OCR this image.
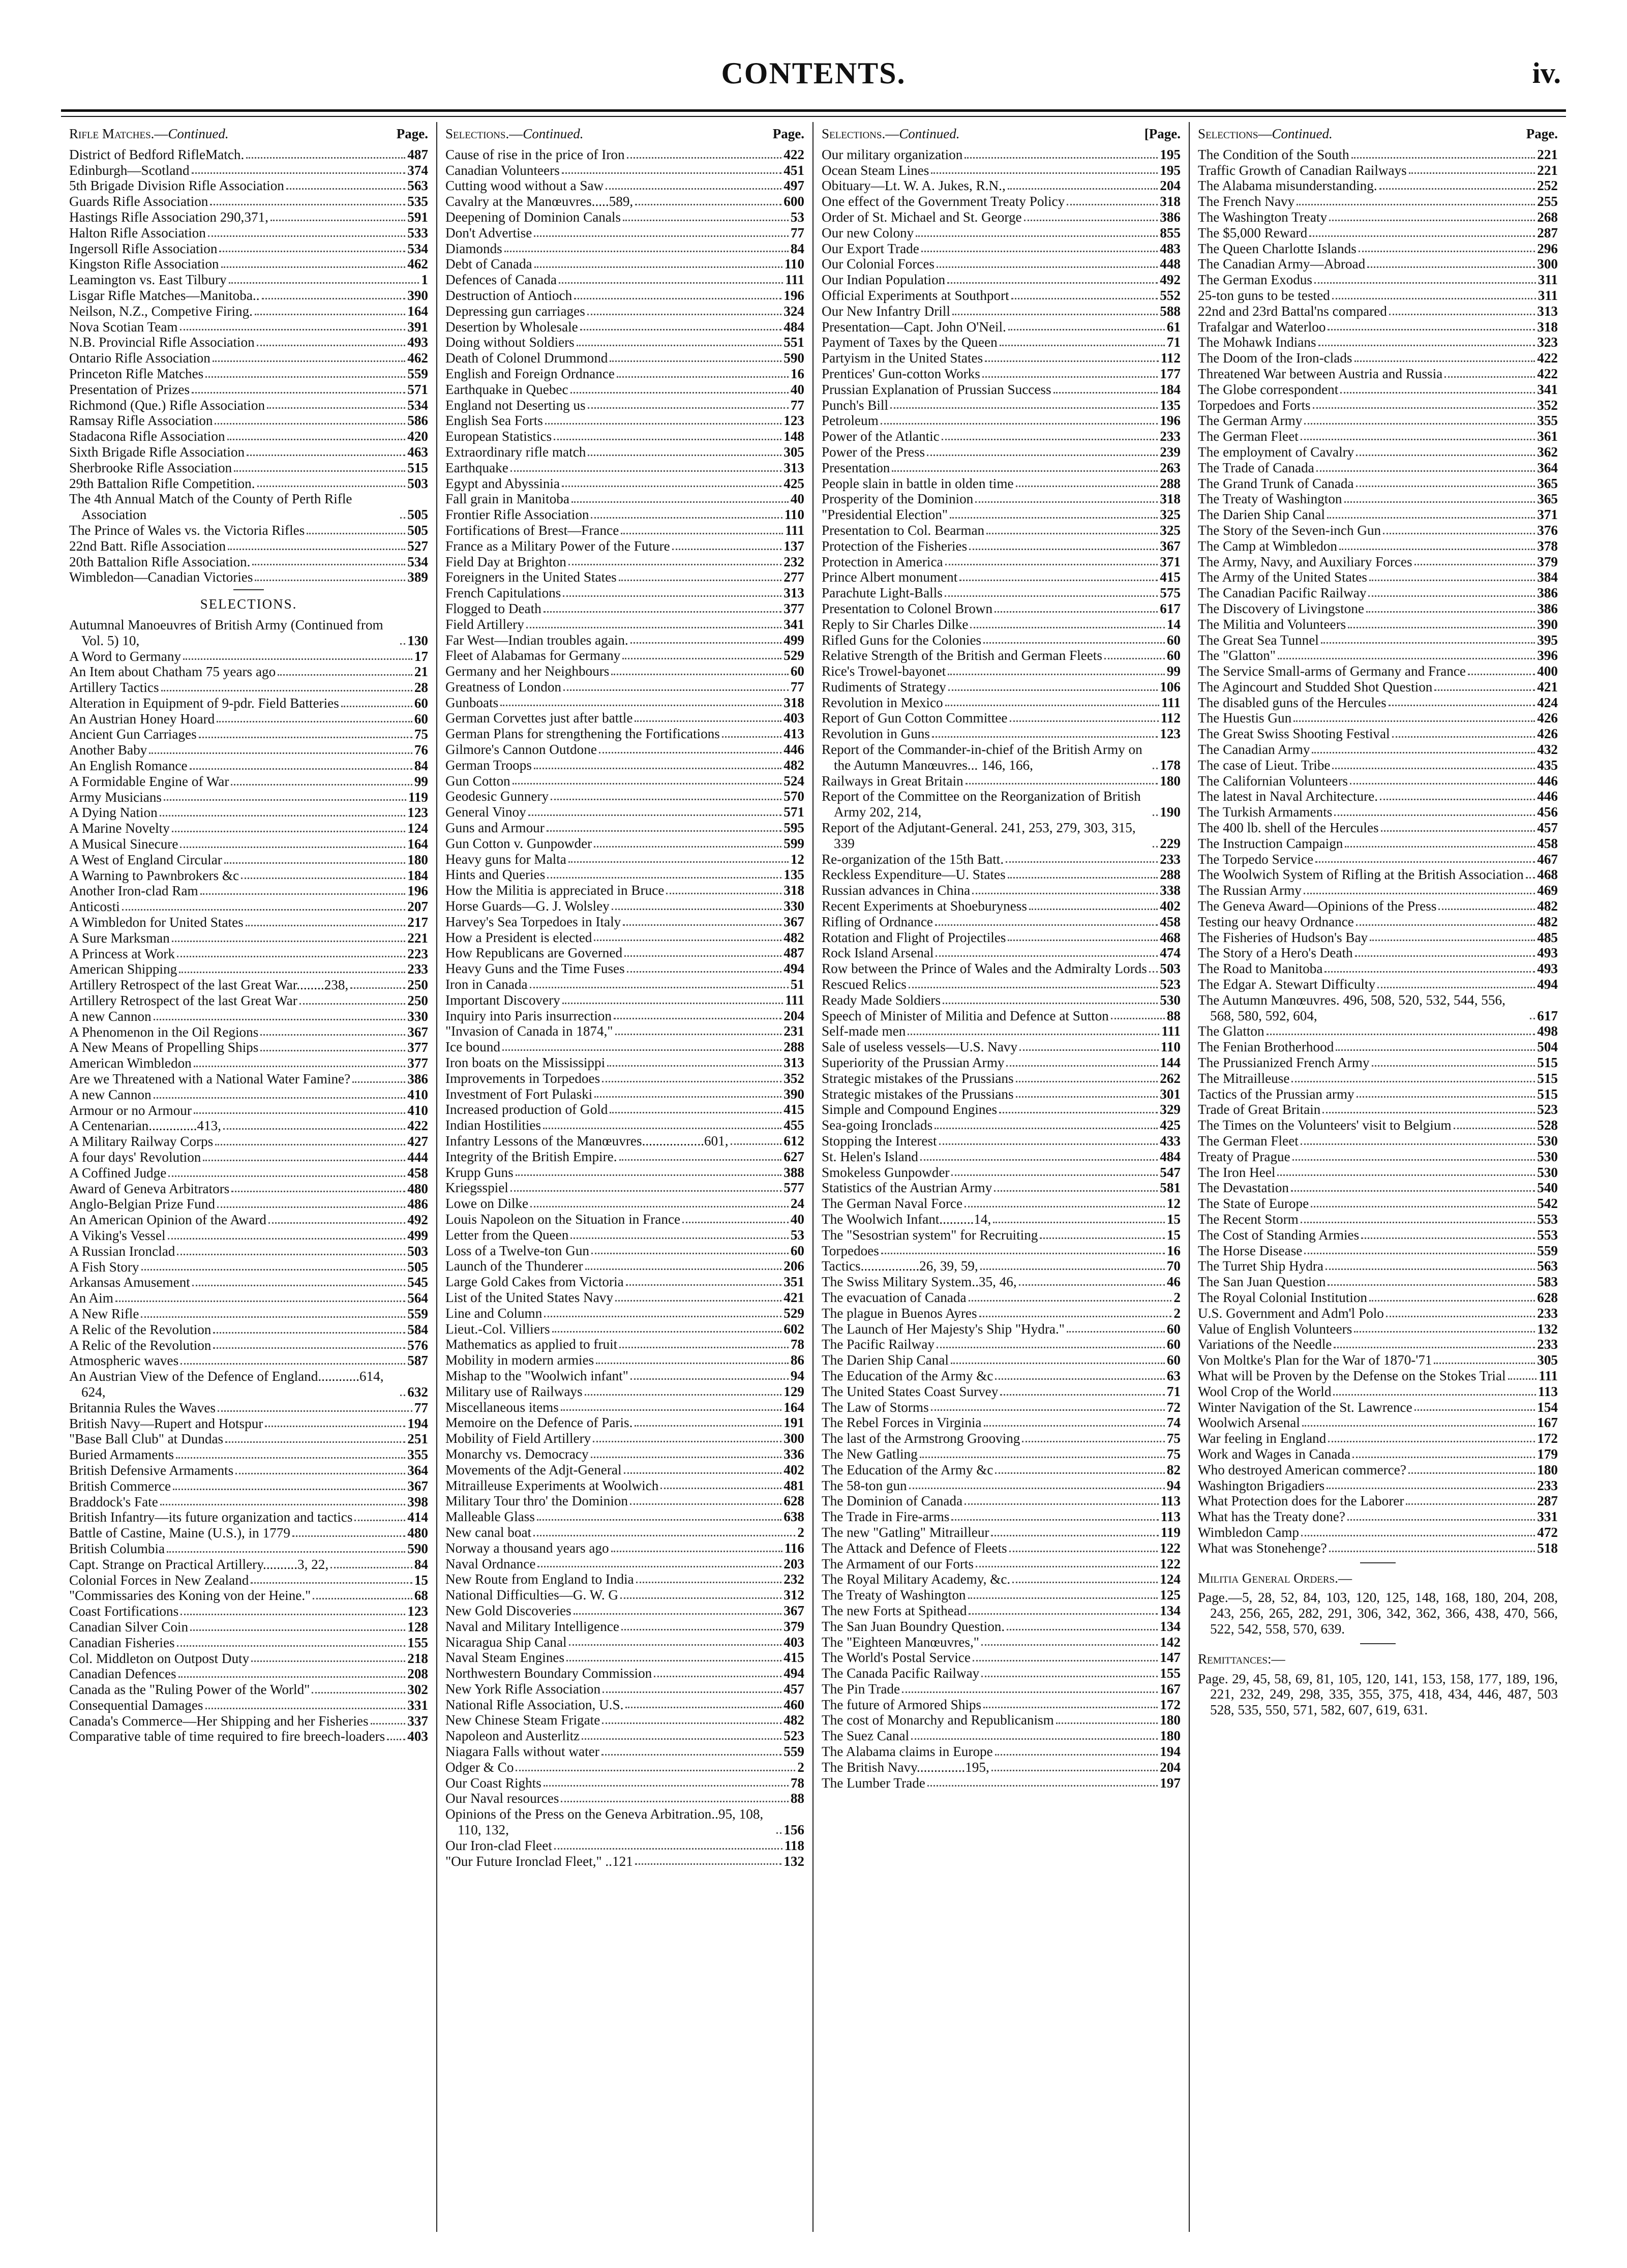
CONTENTS.	iv.
Rifle Matches.—Continued.	Page.
District of Bedford RifleMatch.	487
Edinburgh—Scotland	374
5th Brigade Division Rifle Association	563
Guards Rifle Association	535
Hastings Rifle Association 290,371,	591
Halton Rifle Association	533
Ingersoll Rifle Association	534
Kingston Rifle Association	462
Leamington vs. East Tilbury	1
Lisgar Rifle Matches—Manitoba..	390
Neilson, N.Z., Competive Firing.	164
Nova Scotian Team	391
N.B. Provincial Rifle Association	493
Ontario Rifle Association	462
Princeton Rifle Matches	559
Presentation of Prizes	571
Richmond (Que.) Rifle Association	534
Ramsay Rifle Association	586
Stadacona Rifle Association	420
Sixth Brigade Rifle Association	463
Sherbrooke Rifle Association	515
29th Battalion Rifle Competition.	503
The 4th Annual Match of the County of Perth Rifle Association	505
The Prince of Wales vs. the Victoria Rifles	505
22nd Batt. Rifle Association	527
20th Battalion Rifle Association.	534
Wimbledon—Canadian Victories	389
SELECTIONS.
Autumnal Manoeuvres of British Army (Continued from Vol. 5) 10,	130
A Word to Germany	17
An Item about Chatham 75 years ago	21
Artillery Tactics	28
Alteration in Equipment of 9-pdr. Field Batteries	60
An Austrian Honey Hoard	60
Ancient Gun Carriages	75
Another Baby	76
An English Romance	84
A Formidable Engine of War	99
Army Musicians	119
A Dying Nation	123
A Marine Novelty	124
A Musical Sinecure	164
A West of England Circular	180
A Warning to Pawnbrokers &c	184
Another Iron-clad Ram	196
Anticosti	207
A Wimbledon for United States	217
A Sure Marksman	221
A Princess at Work	223
American Shipping	233
Artillery Retrospect of the last Great War........238,	250
Artillery Retrospect of the last Great War	250
A new Cannon	330
A Phenomenon in the Oil Regions	367
A New Means of Propelling Ships	377
American Wimbledon	377
Are we Threatened with a National Water Famine?	386
A new Cannon	410
Armour or no Armour	410
A Centenarian..............413,	422
A Military Railway Corps	427
A four days' Revolution	444
A Coffined Judge	458
Award of Geneva Arbitrators	480
Anglo-Belgian Prize Fund	486
An American Opinion of the Award	492
A Viking's Vessel	499
A Russian Ironclad	503
A Fish Story	505
Arkansas Amusement	545
An Aim	564
A New Rifle	559
A Relic of the Revolution	584
A Relic of the Revolution	576
Atmospheric waves	587
An Austrian View of the Defence of England............614, 624,	632
Britannia Rules the Waves	77
British Navy—Rupert and Hotspur	194
"Base Ball Club" at Dundas	251
Buried Armaments	355
British Defensive Armaments	364
British Commerce	367
Braddock's Fate	398
British Infantry—its future organization and tactics	414
Battle of Castine, Maine (U.S.), in 1779	480
British Columbia	590
Capt. Strange on Practical Artillery..........3, 22,	84
Colonial Forces in New Zealand	15
"Commissaries des Koning von der Heine."	68
Coast Fortifications	123
Canadian Silver Coin	128
Canadian Fisheries	155
Col. Middleton on Outpost Duty	218
Canadian Defences	208
Canada as the "Ruling Power of the World"	302
Consequential Damages	331
Canada's Commerce—Her Shipping and her Fisheries	337
Comparative table of time required to fire breech-loaders 403
Selections.—Continued.	Page.
Cause of rise in the price of Iron	422
Canadian Volunteers	451
Cutting wood without a Saw	497
Cavalry at the Manœuvres.....589,	600
Deepening of Dominion Canals	53
Don't Advertise	77
Diamonds	84
Debt of Canada	110
Defences of Canada	111
Destruction of Antioch	196
Depressing gun carriages	324
Desertion by Wholesale	484
Doing without Soldiers	551
Death of Colonel Drummond	590
English and Foreign Ordnance	16
Earthquake in Quebec	40
England not Deserting us	77
English Sea Forts	123
European Statistics	148
Extraordinary rifle match	305
Earthquake	313
Egypt and Abyssinia	425
Fall grain in Manitoba	40
Frontier Rifle Association	110
Fortifications of Brest—France	111
France as a Military Power of the Future	137
Field Day at Brighton	232
Foreigners in the United States	277
French Capitulations	313
Flogged to Death	377
Field Artillery	341
Far West—Indian troubles again.	499
Fleet of Alabamas for Germany	529
Germany and her Neighbours	60
Greatness of London	77
Gunboats	318
German Corvettes just after battle	403
German Plans for strengthening the Fortifications	413
Gilmore's Cannon Outdone	446
German Troops	482
Gun Cotton	524
Geodesic Gunnery	570
General Vinoy	571
Guns and Armour	595
Gun Cotton v. Gunpowder	599
Heavy guns for Malta	12
Hints and Queries	135
How the Militia is appreciated in Bruce	318
Horse Guards—G. J. Wolsley	330
Harvey's Sea Torpedoes in Italy	367
How a President is elected	482
How Republicans are Governed	487
Heavy Guns and the Time Fuses	494
Iron in Canada	51
Important Discovery	111
Inquiry into Paris insurrection	204
"Invasion of Canada in 1874,"	231
Ice bound	288
Iron boats on the Mississippi	313
Improvements in Torpedoes	352
Investment of Fort Pulaski	390
Increased production of Gold	415
Indian Hostilities	455
Infantry Lessons of the Manœuvres..................601,	612
Integrity of the British Empire.	627
Krupp Guns	388
Kriegsspiel	577
Lowe on Dilke	24
Louis Napoleon on the Situation in France	40
Letter from the Queen	53
Loss of a Twelve-ton Gun	60
Launch of the Thunderer	206
Large Gold Cakes from Victoria	351
List of the United States Navy	421
Line and Column	529
Lieut.-Col. Villiers	602
Mathematics as applied to fruit	78
Mobility in modern armies	86
Mishap to the "Woolwich infant"	94
Military use of Railways	129
Miscellaneous items	164
Memoire on the Defence of Paris.	191
Mobility of Field Artillery	300
Monarchy vs. Democracy	336
Movements of the Adjt-General	402
Mitrailleuse Experiments at Woolwich	481
Military Tour thro' the Dominion	628
Malleable Glass	638
New canal boat	2
Norway a thousand years ago	116
Naval Ordnance	203
New Route from England to India	232
National Difficulties—G. W. G	312
New Gold Discoveries	367
Naval and Military Intelligence	379
Nicaragua Ship Canal	403
Naval Steam Engines	415
Northwestern Boundary Commission	494
New York Rifle Association	457
National Rifle Association, U.S.	460
New Chinese Steam Frigate	482
Napoleon and Austerlitz	523
Niagara Falls without water	559
Odger & Co	2
Our Coast Rights	78
Our Naval resources	88
Opinions of the Press on the Geneva Arbitration..95, 108, 110, 132,	156
Our Iron-clad Fleet	118
"Our Future Ironclad Fleet," ..121	132
Selections.—Continued.	[Page.
Our military organization	195
Ocean Steam Lines	195
Obituary—Lt. W. A. Jukes, R.N.,	204
One effect of the Government Treaty Policy	318
Order of St. Michael and St. George	386
Our new Colony	855
Our Export Trade	483
Our Colonial Forces	448
Our Indian Population	492
Official Experiments at Southport	552
Our New Infantry Drill	588
Presentation—Capt. John O'Neil.	61
Payment of Taxes by the Queen	71
Partyism in the United States	112
Prentices' Gun-cotton Works	177
Prussian Explanation of Prussian Success	184
Punch's Bill	135
Petroleum	196
Power of the Atlantic	233
Power of the Press	239
Presentation	263
People slain in battle in olden time	288
Prosperity of the Dominion	318
"Presidential Election"	325
Presentation to Col. Bearman	325
Protection of the Fisheries	367
Protection in America	371
Prince Albert monument	415
Parachute Light-Balls	575
Presentation to Colonel Brown	617
Reply to Sir Charles Dilke	14
Rifled Guns for the Colonies	60
Relative Strength of the British and German Fleets	60
Rice's Trowel-bayonet	99
Rudiments of Strategy	106
Revolution in Mexico	111
Report of Gun Cotton Committee	112
Revolution in Guns	123
Report of the Commander-in-chief of the British Army on the Autumn Manœuvres... 146, 166,	178
Railways in Great Britain	180
Report of the Committee on the Reorganization of British Army 202, 214,	190
Report of the Adjutant-General. 241, 253, 279, 303, 315, 339	229
Re-organization of the 15th Batt.	233
Reckless Expenditure—U. States	288
Russian advances in China	338
Recent Experiments at Shoeburyness	402
Rifling of Ordnance	458
Rotation and Flight of Projectiles	468
Rock Island Arsenal	474
Row between the Prince of Wales and the Admiralty Lords 503
Rescued Relics	523
Ready Made Soldiers	530
Speech of Minister of Militia and Defence at Sutton	88
Self-made men	111
Sale of useless vessels—U.S. Navy	110
Superiority of the Prussian Army	144
Strategic mistakes of the Prussians	262
Strategic mistakes of the Prussians	301
Simple and Compound Engines	329
Sea-going Ironclads	425
Stopping the Interest	433
St. Helen's Island	484
Smokeless Gunpowder	547
Statistics of the Austrian Army	581
The German Naval Force	12
The Woolwich Infant..........14,	15
The "Sesostrian system" for Recruiting	15
Torpedoes	16
Tactics.................26, 39, 59,	70
The Swiss Military System..35, 46,	46
The evacuation of Canada	2
The plague in Buenos Ayres	2
The Launch of Her Majesty's Ship "Hydra."	60
The Pacific Railway	60
The Darien Ship Canal	60
The Education of the Army &c	63
The United States Coast Survey	71
The Law of Storms	72
The Rebel Forces in Virginia	74
The last of the Armstrong Grooving	75
The New Gatling	75
The Education of the Army &c	82
The 58-ton gun	94
The Dominion of Canada	113
The Trade in Fire-arms	113
The new "Gatling" Mitrailleur	119
The Attack and Defence of Fleets	122
The Armament of our Forts	122
The Royal Military Academy, &c.	124
The Treaty of Washington	125
The new Forts at Spithead	134
The San Juan Boundry Question.	134
The "Eighteen Manœuvres,"	142
The World's Postal Service	147
The Canada Pacific Railway	155
The Pin Trade	167
The future of Armored Ships	172
The cost of Monarchy and Republicanism	180
The Suez Canal	180
The Alabama claims in Europe	194
The British Navy..............195,	204
The Lumber Trade	197
Selections—Continued.	Page.
The Condition of the South	221
Traffic Growth of Canadian Railways	221
The Alabama misunderstanding.	252
The French Navy	255
The Washington Treaty	268
The $5,000 Reward	287
The Queen Charlotte Islands	296
The Canadian Army—Abroad	300
The German Exodus	311
25-ton guns to be tested	311
22nd and 23rd Battal'ns compared	313
Trafalgar and Waterloo	318
The Mohawk Indians	323
The Doom of the Iron-clads	422
Threatened War between Austria and Russia	422
The Globe correspondent	341
Torpedoes and Forts	352
The German Army	355
The German Fleet	361
The employment of Cavalry	362
The Trade of Canada	364
The Grand Trunk of Canada	365
The Treaty of Washington	365
The Darien Ship Canal	371
The Story of the Seven-inch Gun	376
The Camp at Wimbledon	378
The Army, Navy, and Auxiliary Forces	379
The Army of the United States	384
The Canadian Pacific Railway	386
The Discovery of Livingstone	386
The Militia and Volunteers	390
The Great Sea Tunnel	395
The "Glatton"	396
The Service Small-arms of Germany and France	400
The Agincourt and Studded Shot Question	421
The disabled guns of the Hercules	424
The Huestis Gun	426
The Great Swiss Shooting Festival	426
The Canadian Army	432
The case of Lieut. Tribe	435
The Californian Volunteers	446
The latest in Naval Architecture.	446
The Turkish Armaments	456
The 400 lb. shell of the Hercules	457
The Instruction Campaign	458
The Torpedo Service	467
The Woolwich System of Rifling at the British Association 468
The Russian Army	469
The Geneva Award—Opinions of the Press	482
Testing our heavy Ordnance	482
The Fisheries of Hudson's Bay	485
The Story of a Hero's Death	493
The Road to Manitoba	493
The Edgar A. Stewart Difficulty	494
The Autumn Manœuvres. 496, 508, 520, 532, 544, 556, 568, 580, 592, 604,	617
The Glatton	498
The Fenian Brotherhood	504
The Prussianized French Army	515
The Mitrailleuse	515
Tactics of the Prussian army	515
Trade of Great Britain	523
The Times on the Volunteers' visit to Belgium	528
The German Fleet	530
Treaty of Prague	530
The Iron Heel	530
The Devastation	540
The State of Europe	542
The Recent Storm	553
The Cost of Standing Armies	553
The Horse Disease	559
The Turret Ship Hydra	563
The San Juan Question	583
The Royal Colonial Institution	628
U.S. Government and Adm'l Polo	233
Value of English Volunteers	132
Variations of the Needle	233
Von Moltke's Plan for the War of 1870-'71	305
What will be Proven by the Defense on the Stokes Trial 111
Wool Crop of the World	113
Winter Navigation of the St. Lawrence	154
Woolwich Arsenal	167
War feeling in England	172
Work and Wages in Canada	179
Who destroyed American commerce?	180
Washington Brigadiers	233
What Protection does for the Laborer	287
What has the Treaty done?	331
Wimbledon Camp	472
What was Stonehenge?	518
Militia General Orders.—
Page.—5, 28, 52, 84, 103, 120, 125, 148, 168, 180, 204, 208, 243, 256, 265, 282, 291, 306, 342, 362, 366, 438, 470, 566, 522, 542, 558, 570, 639.
Remittances:—
Page. 29, 45, 58, 69, 81, 105, 120, 141, 153, 158, 177, 189, 196, 221, 232, 249, 298, 335, 355, 375, 418, 434, 446, 487, 503 528, 535, 550, 571, 582, 607, 619, 631.
